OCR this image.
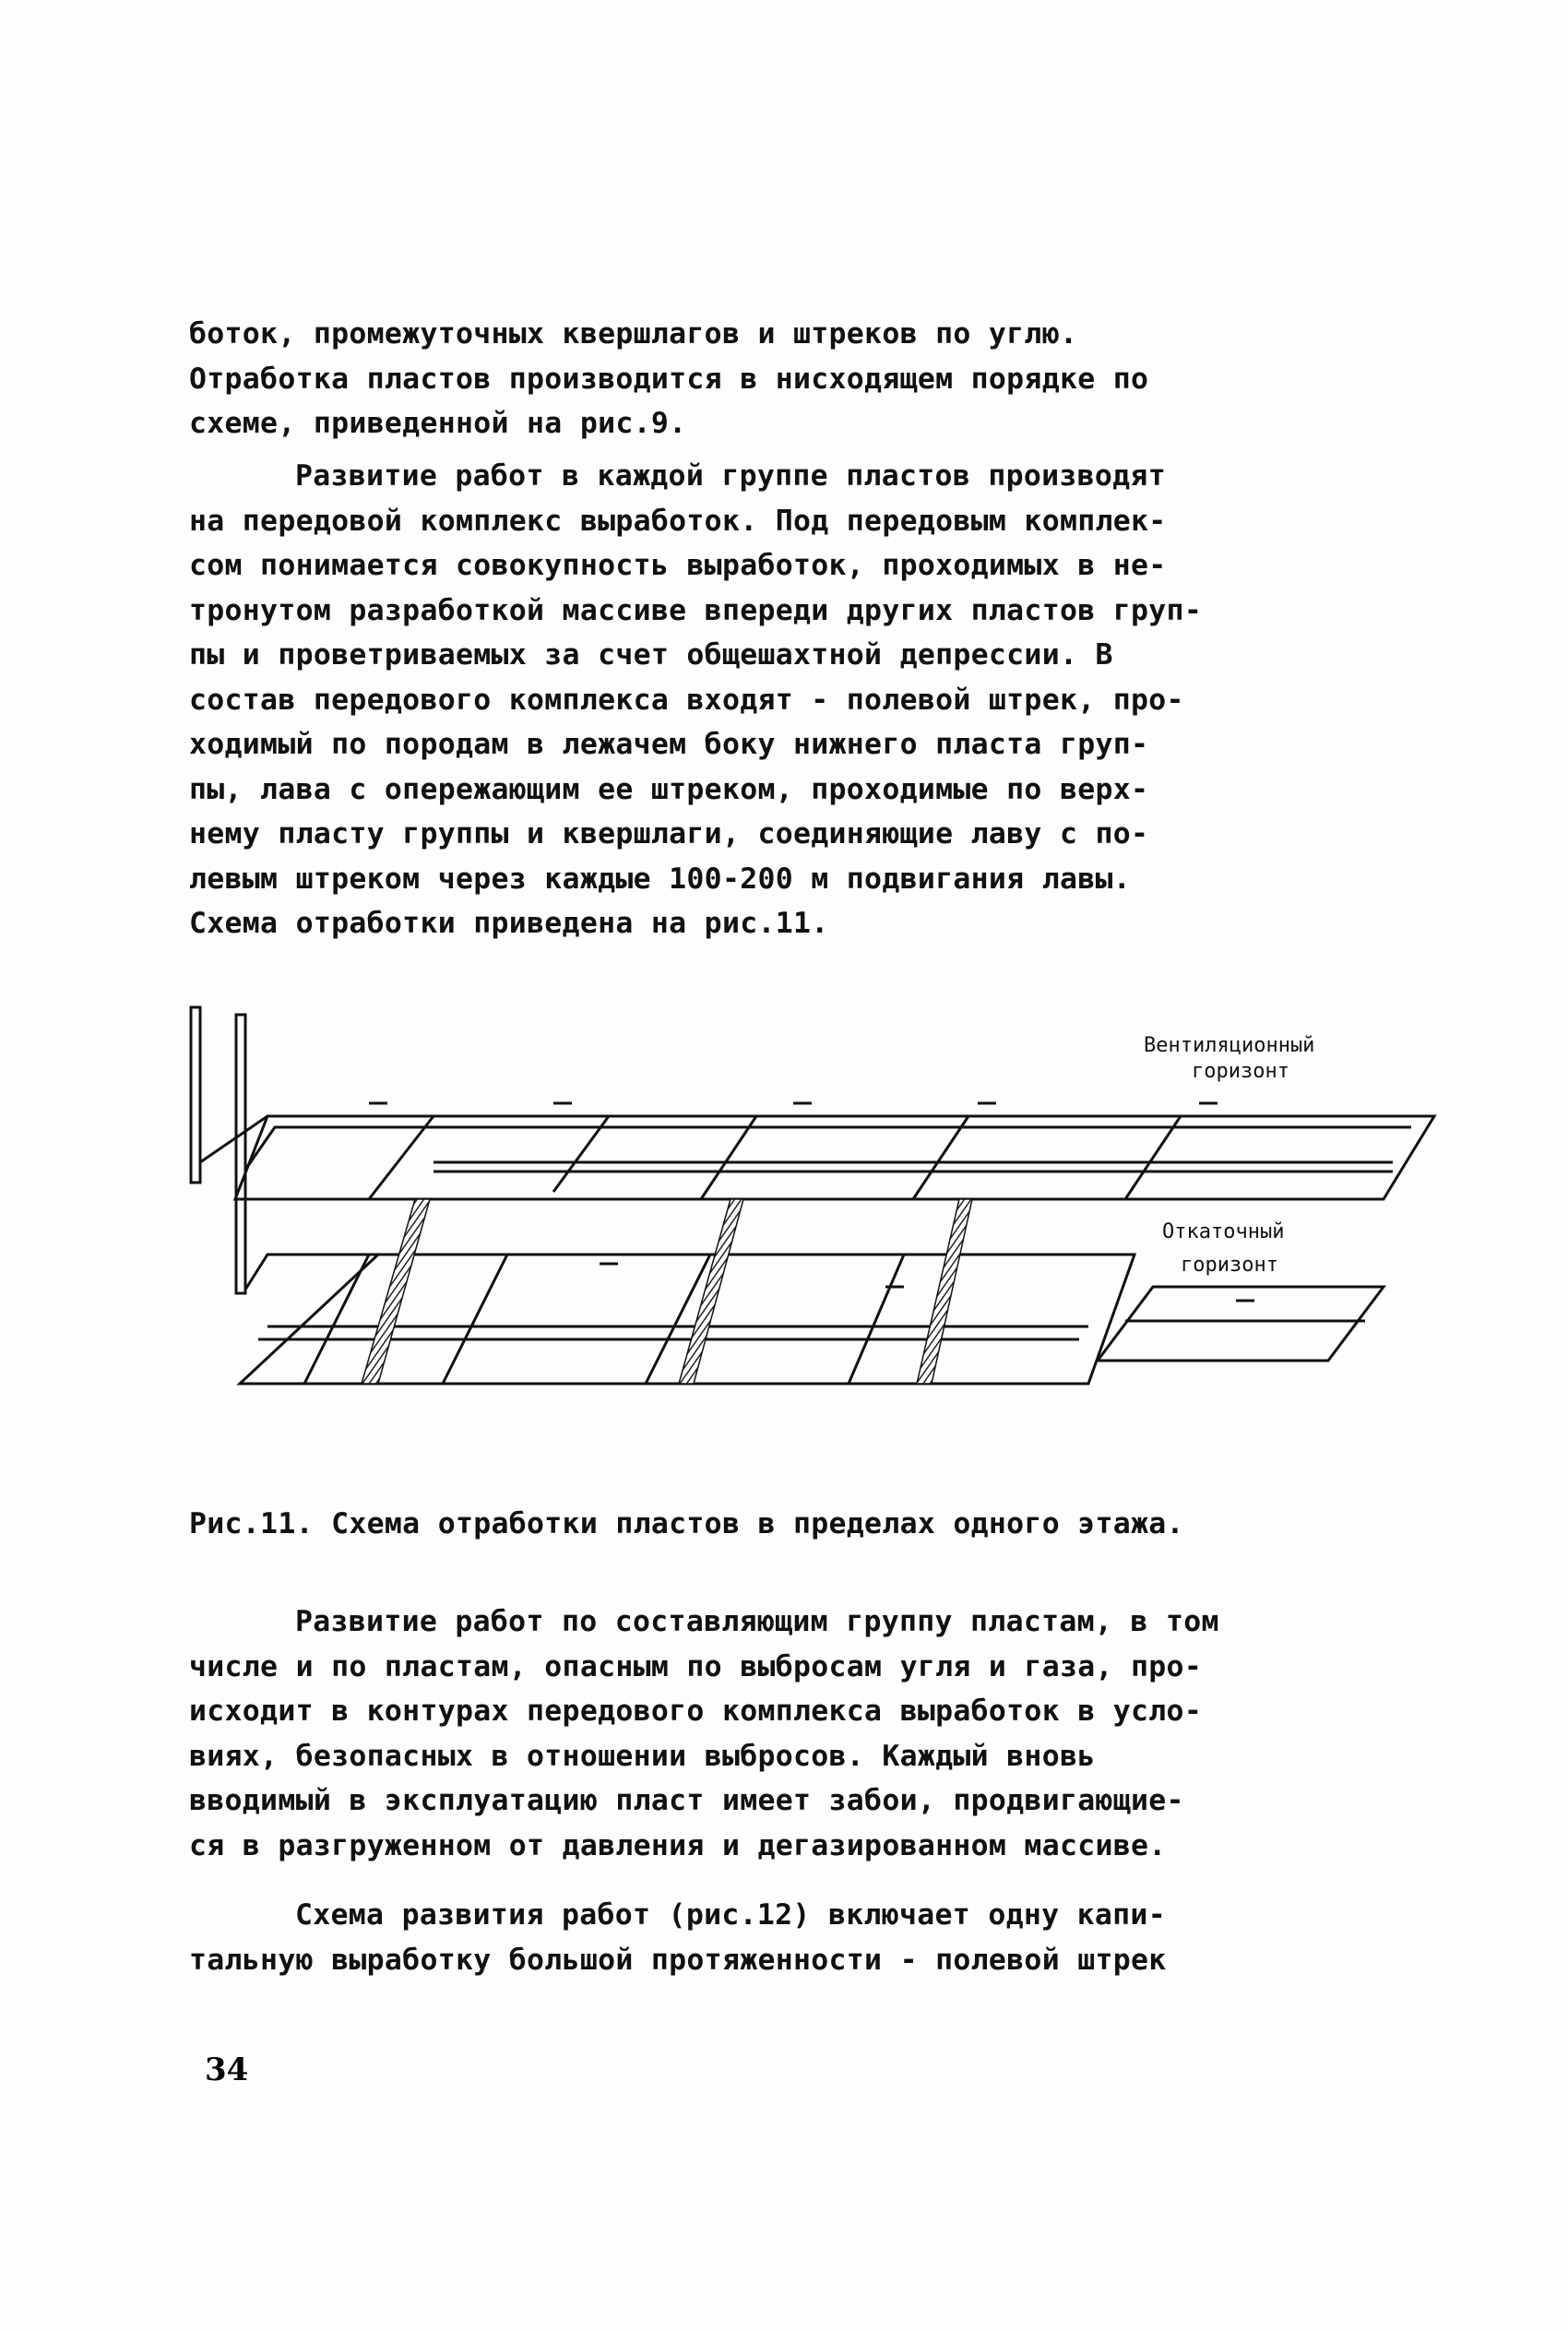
боток, промежуточных квершлагов и штреков по углю.
Отработка пластов производится в нисходящем порядке по
схеме, приведенной на рис.9.
Развитие работ в каждой группе пластов производят
на передовой комплекс выработок. Под передовым комплек-
сом понимается совокупность выработок, проходимых в не-
тронутом разработкой массиве впереди других пластов груп-
пы и проветриваемых за счет общешахтной депрессии. В
состав передового комплекса входят - полевой штрек, про-
ходимый по породам в лежачем боку нижнего пласта груп-
пы, лава с опережающим ее штреком, проходимые по верх-
нему пласту группы и квершлаги, соединяющие лаву с по-
левым штреком через каждые 100-200 м подвигания лавы.
Схема отработки приведена на рис.11.
Вентиляционный
горизонт
Откаточный
горизонт
Рис.11. Схема отработки пластов в пределах одного этажа.
Развитие работ по составляющим группу пластам, в том
числе и по пластам, опасным по выбросам угля и газа, про-
исходит в контурах передового комплекса выработок в усло-
виях, безопасных в отношении выбросов. Каждый вновь
вводимый в эксплуатацию пласт имеет забои, продвигающие-
ся в разгруженном от давления и дегазированном массиве.
Схема развития работ (рис.12) включает одну капи-
тальную выработку большой протяженности - полевой штрек
34
